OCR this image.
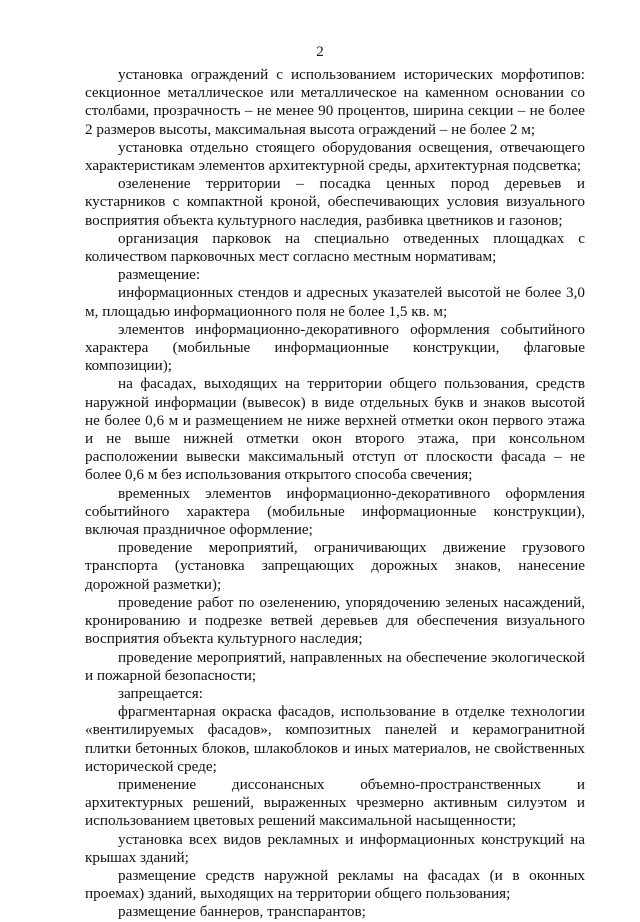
2

установка ограждений с использованием исторических морфотипов: секционное металлическое или металлическое на каменном основании со столбами, прозрачность – не менее 90 процентов, ширина секции – не более 2 размеров высоты, максимальная высота ограждений – не более 2 м;

установка отдельно стоящего оборудования освещения, отвечающего характеристикам элементов архитектурной среды, архитектурная подсветка;

озеленение территории – посадка ценных пород деревьев и кустарников с компактной кроной, обеспечивающих условия визуального восприятия объекта культурного наследия, разбивка цветников и газонов;

организация парковок на специально отведенных площадках с количеством парковочных мест согласно местным нормативам;

размещение:

информационных стендов и адресных указателей высотой не более 3,0 м, площадью информационного поля не более 1,5 кв. м;

элементов информационно-декоративного оформления событийного характера (мобильные информационные конструкции, флаговые композиции);

на фасадах, выходящих на территории общего пользования, средств наружной информации (вывесок) в виде отдельных букв и знаков высотой не более 0,6 м и размещением не ниже верхней отметки окон первого этажа и не выше нижней отметки окон второго этажа, при консольном расположении вывески максимальный отступ от плоскости фасада – не более 0,6 м без использования открытого способа свечения;

временных элементов информационно-декоративного оформления событийного характера (мобильные информационные конструкции), включая праздничное оформление;

проведение мероприятий, ограничивающих движение грузового транспорта (установка запрещающих дорожных знаков, нанесение дорожной разметки);

проведение работ по озеленению, упорядочению зеленых насаждений, кронированию и подрезке ветвей деревьев для обеспечения визуального восприятия объекта культурного наследия;

проведение мероприятий, направленных на обеспечение экологической и пожарной безопасности;

запрещается:

фрагментарная окраска фасадов, использование в отделке технологии «вентилируемых фасадов», композитных панелей и керамогранитной плитки бетонных блоков, шлакоблоков и иных материалов, не свойственных исторической среде;

применение диссонансных объемно-пространственных и архитектурных решений, выраженных чрезмерно активным силуэтом и использованием цветовых решений максимальной насыщенности;

установка всех видов рекламных и информационных конструкций на крышах зданий;

размещение средств наружной рекламы на фасадах (и в оконных проемах) зданий, выходящих на территории общего пользования;

размещение баннеров, транспарантов;
